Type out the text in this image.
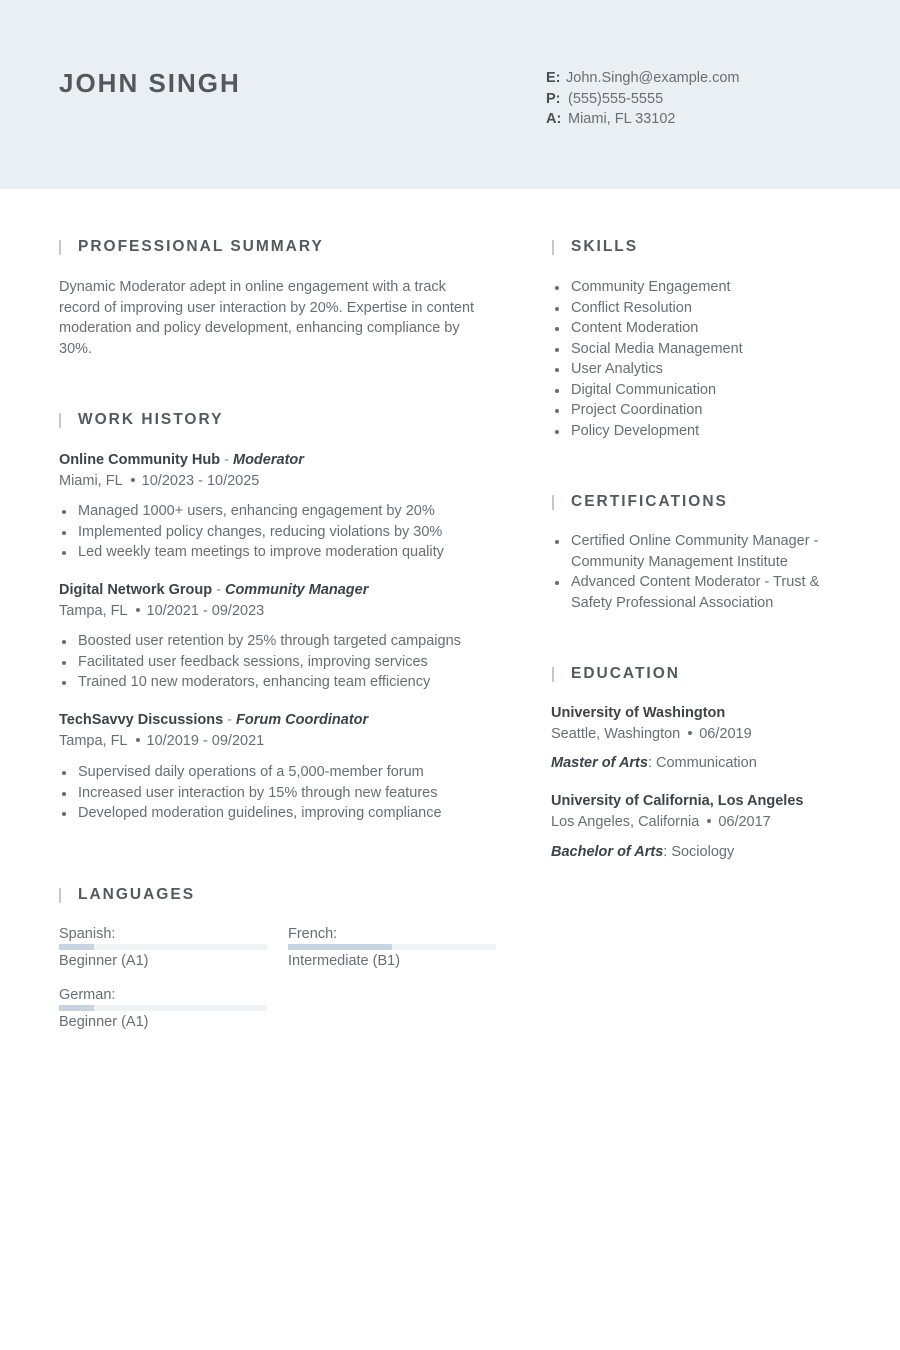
JOHN SINGH	E: John.Singh@example.com
P: (555)555-5555
A: Miami, FL 33102
PROFESSIONAL SUMMARY
Dynamic Moderator adept in online engagement with a track record of improving user interaction by 20%. Expertise in content moderation and policy development, enhancing compliance by 30%.
WORK HISTORY
Online Community Hub - Moderator
Miami, FL 10/2023 - 10/2025
Managed 1000+ users, enhancing engagement by 20%
Implemented policy changes, reducing violations by 30%
Led weekly team meetings to improve moderation quality
Digital Network Group - Community Manager
Tampa, FL 10/2021 - 09/2023
Boosted user retention by 25% through targeted campaigns
Facilitated user feedback sessions, improving services
Trained 10 new moderators, enhancing team efficiency
TechSavvy Discussions - Forum Coordinator
Tampa, FL 10/2019 - 09/2021
Supervised daily operations of a 5,000-member forum
Increased user interaction by 15% through new features
Developed moderation guidelines, improving compliance
LANGUAGES
Spanish:
Beginner (A1)
French:
Intermediate (B1)
German:
Beginner (A1)
SKILLS
Community Engagement
Conflict Resolution
Content Moderation
Social Media Management
User Analytics
Digital Communication
Project Coordination
Policy Development
CERTIFICATIONS
Certified Online Community Manager - Community Management Institute
Advanced Content Moderator - Trust & Safety Professional Association
EDUCATION
University of Washington
Seattle, Washington 06/2019
Master of Arts: Communication
University of California, Los Angeles
Los Angeles, California 06/2017
Bachelor of Arts: Sociology
